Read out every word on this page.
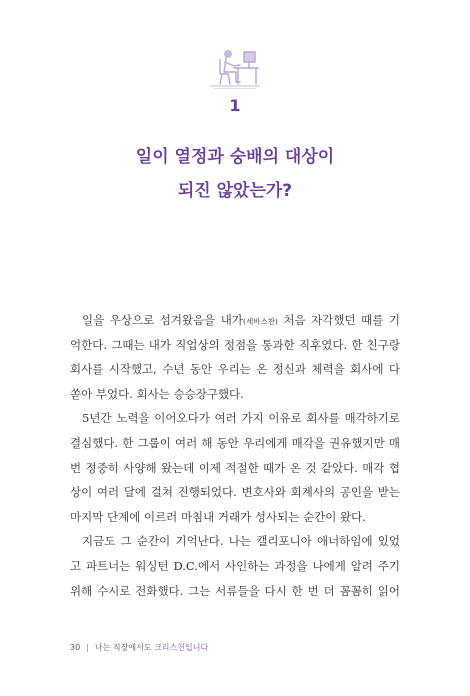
1
일이 열정과 숭배의 대상이
되진 않았는가?
일을 우상으로 섬겨왔음을 내가(세바스찬) 처음 자각했던 때를 기
억한다. 그때는 내가 직업상의 정점을 통과한 직후였다. 한 친구랑
회사를 시작했고, 수년 동안 우리는 온 정신과 체력을 회사에 다
쏟아 부었다. 회사는 승승장구했다.
5년간 노력을 이어오다가 여러 가지 이유로 회사를 매각하기로
결심했다. 한 그룹이 여러 해 동안 우리에게 매각을 권유했지만 매
번 정중히 사양해 왔는데 이제 적절한 때가 온 것 같았다. 매각 협
상이 여러 달에 걸쳐 진행되었다. 변호사와 회계사의 공인을 받는
마지막 단계에 이르러 마침내 거래가 성사되는 순간이 왔다.
지금도 그 순간이 기억난다. 나는 캘리포니아 애너하임에 있었
고 파트너는 워싱턴 D.C.에서 사인하는 과정을 나에게 알려 주기
위해 수시로 전화했다. 그는 서류들을 다시 한 번 더 꼼꼼히 읽어
30 | 나는 직장에서도 크리스천입니다
